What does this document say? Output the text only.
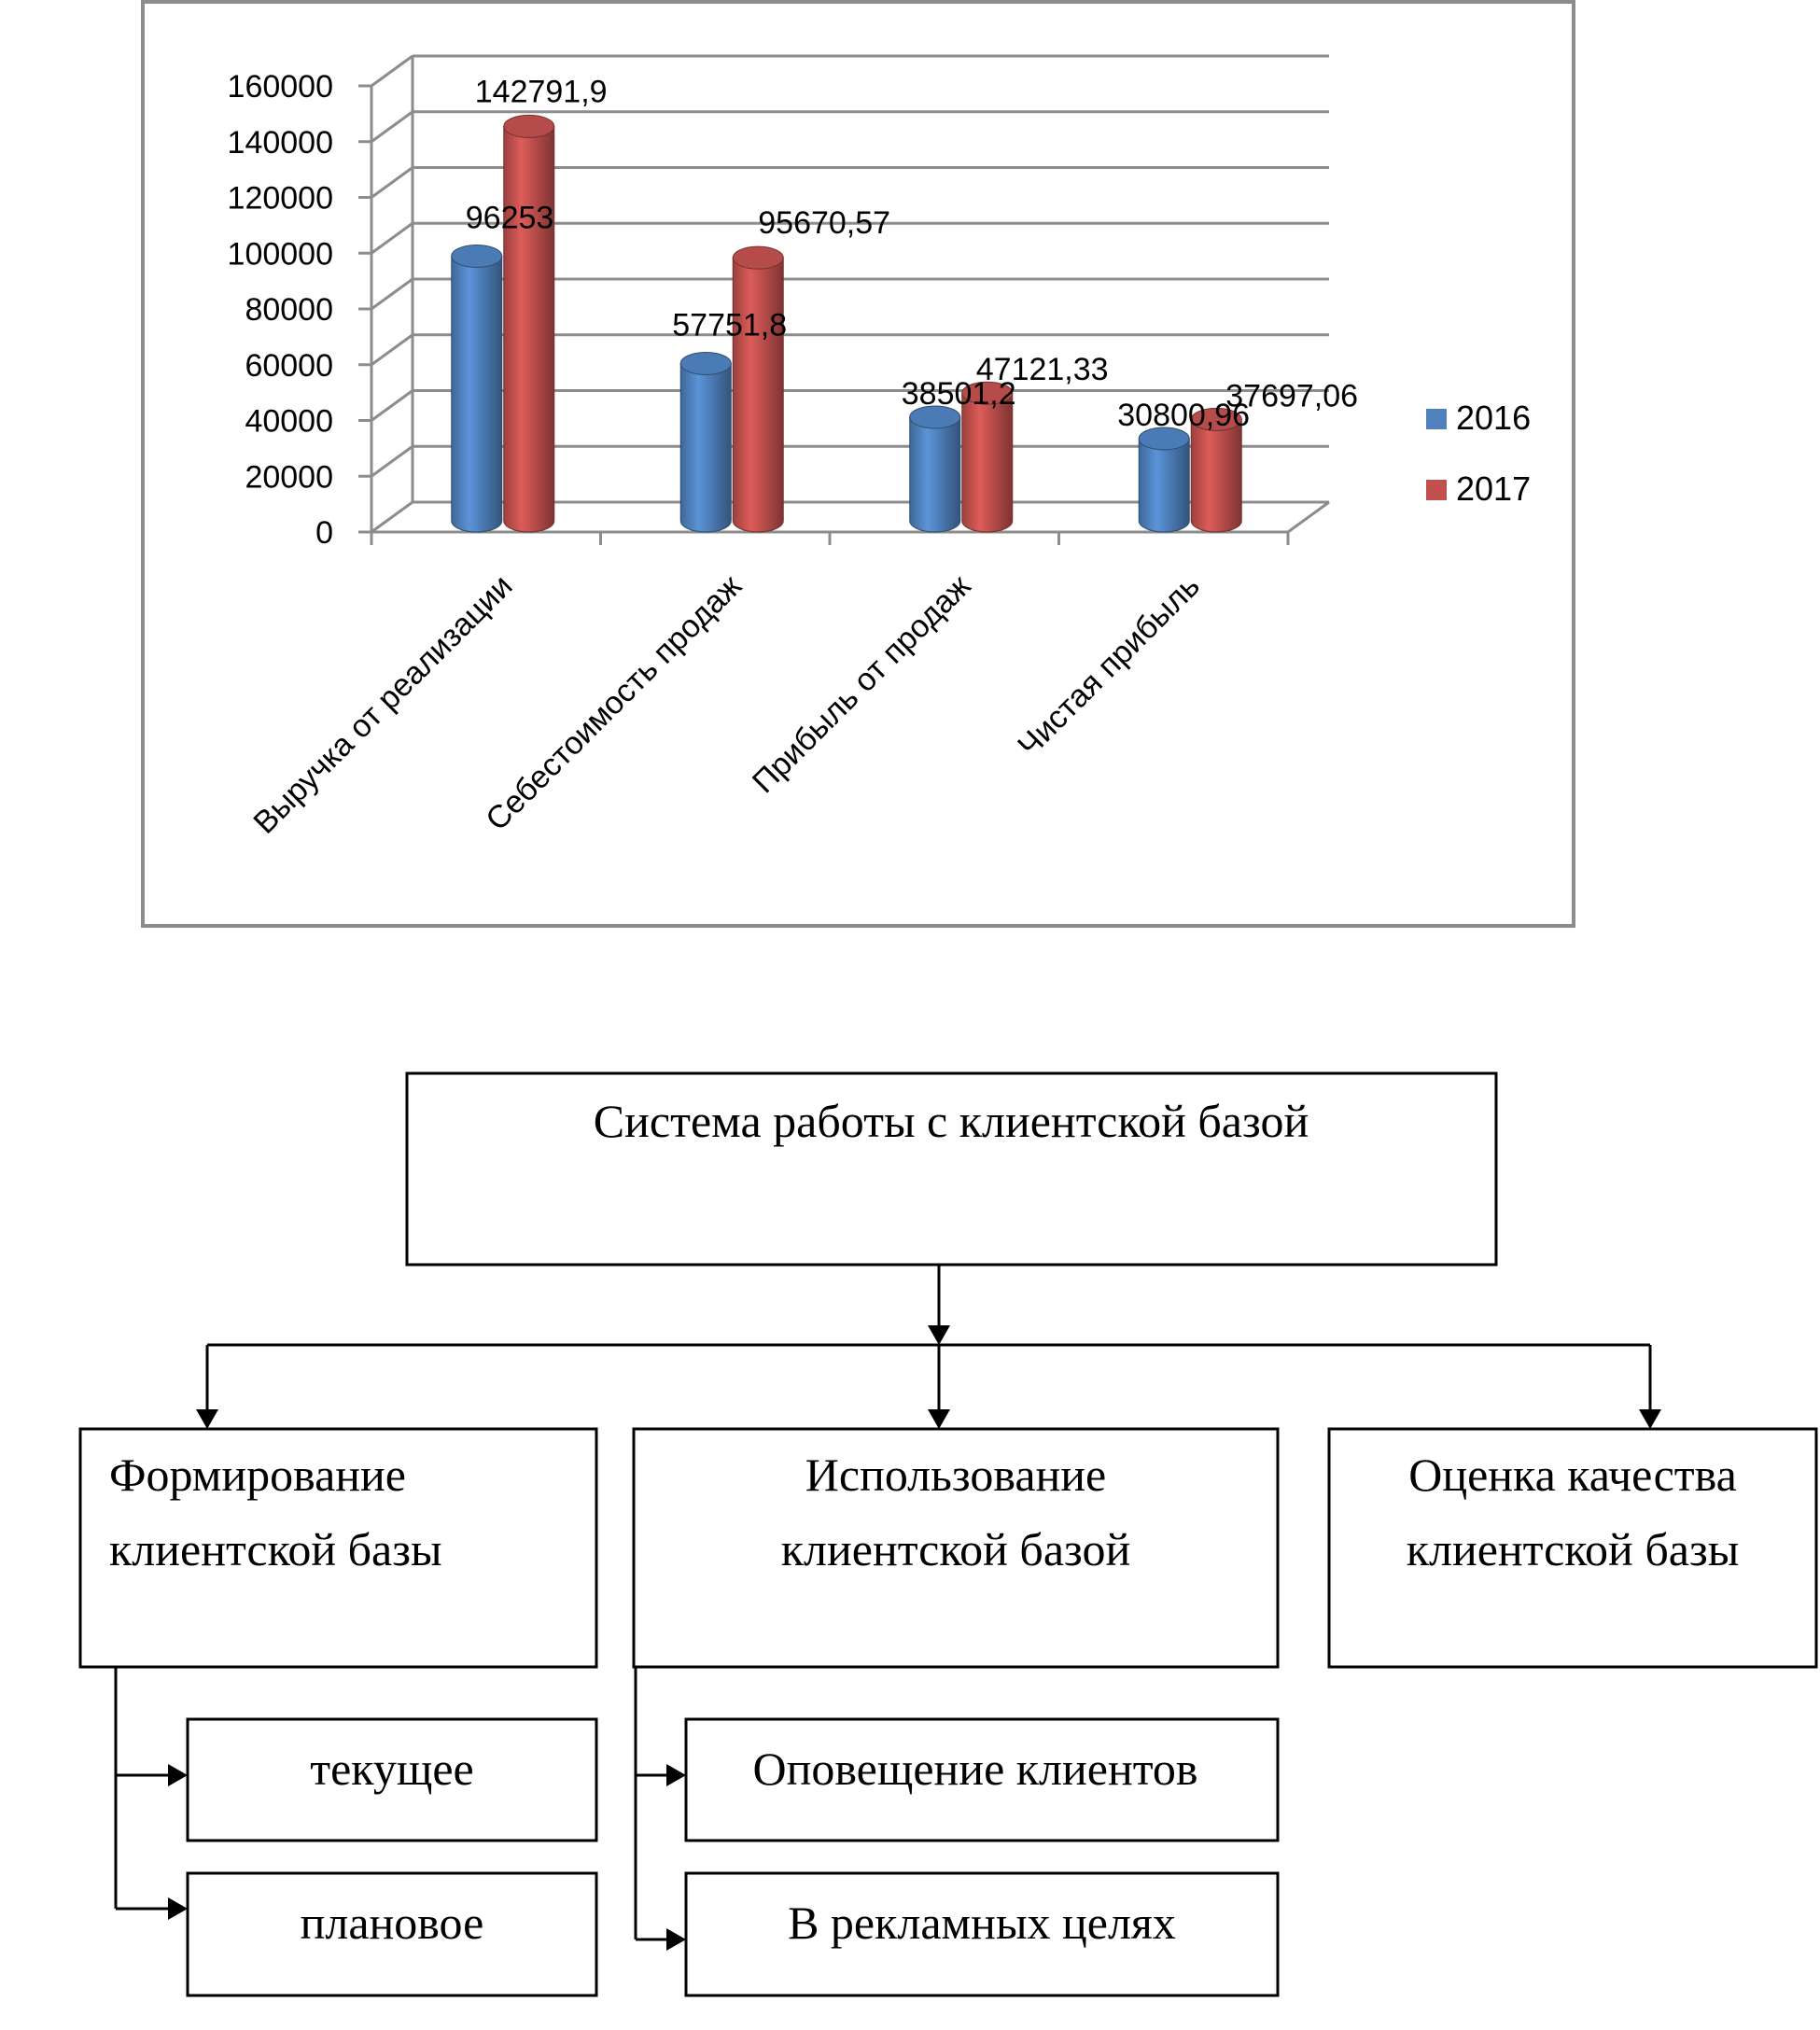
0
20000
40000
60000
80000
100000
120000
140000
160000
Выручка от реализации
Себестоимость продаж
Прибыль от продаж Чистая прибыль
96253
142791,9
57751,8
95670,57
38501,2
47121,33
30800,96
37697,06
2016
2017
Система работы с клиентской базой
Формирование
клиентской базы
Использование
клиентской базой
Оценка качества
клиентской базы
текущее
плановое
Оповещение клиентов
В рекламных целях
